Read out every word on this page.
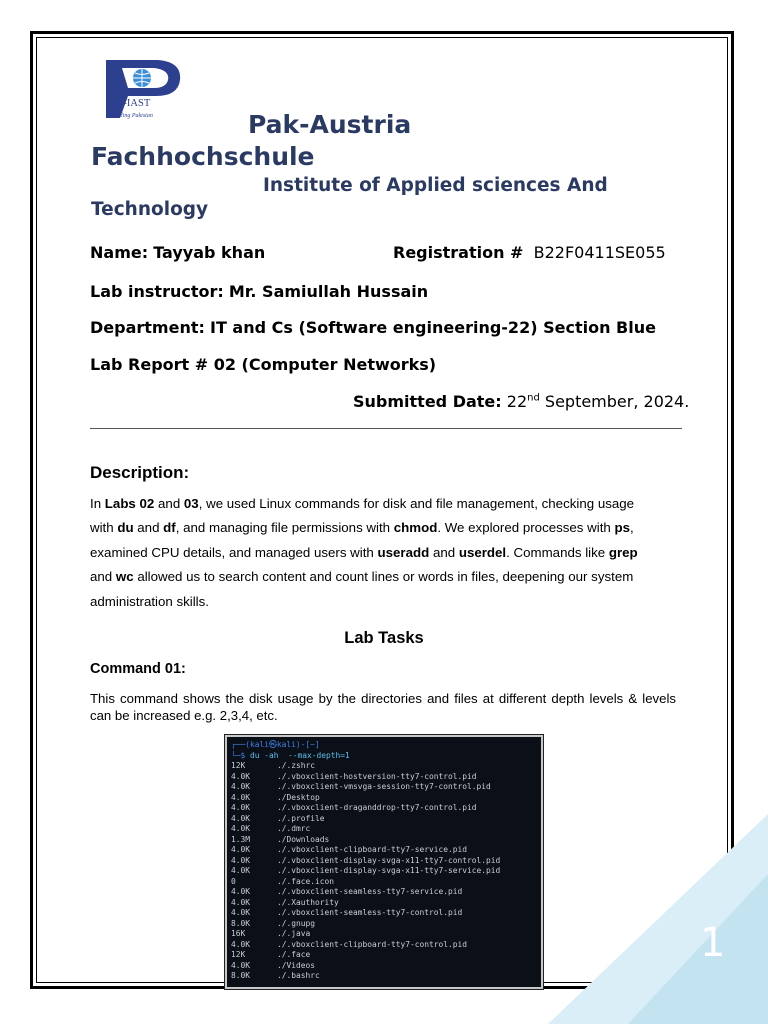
AF-IAST
Skilling Pakistan	Pak-Austria
Fachhochschule
Institute of Applied sciences And
Technology
Name: Tayyab khan	Registration # B22F0411SE055
Lab instructor: Mr. Samiullah Hussain
Department: IT and Cs (Software engineering-22) Section Blue
Lab Report # 02 (Computer Networks)
Submitted Date: 22nd September, 2024.
Description:
In Labs 02 and 03, we used Linux commands for disk and file management, checking usage
with du and df, and managing file permissions with chmod. We explored processes with ps,
examined CPU details, and managed users with useradd and userdel. Commands like grep
and wc allowed us to search content and count lines or words in files, deepening our system
administration skills.
Lab Tasks
Command 01:
This command shows the disk usage by the directories and files at different depth levels & levels can be increased e.g. 2,3,4, etc.
┌──(kali㉿kali)-[~]
└─$ du -ah  --max-depth=1
12K	./.zshrc
4.0K	./.vboxclient-hostversion-tty7-control.pid
4.0K	./.vboxclient-vmsvga-session-tty7-control.pid
4.0K	./Desktop
4.0K	./.vboxclient-draganddrop-tty7-control.pid
4.0K	./.profile
4.0K	./.dmrc
1.3M	./Downloads
4.0K	./.vboxclient-clipboard-tty7-service.pid
4.0K	./.vboxclient-display-svga-x11-tty7-control.pid
4.0K	./.vboxclient-display-svga-x11-tty7-service.pid
0	./.face.icon
4.0K	./.vboxclient-seamless-tty7-service.pid
4.0K	./.Xauthority
4.0K	./.vboxclient-seamless-tty7-control.pid
8.0K	./.gnupg
16K	./.java
4.0K	./.vboxclient-clipboard-tty7-control.pid
12K	./.face
4.0K	./Videos
8.0K	./.bashrc
1
